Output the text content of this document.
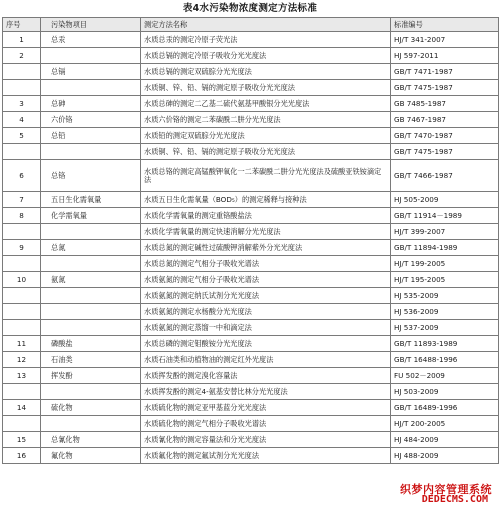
表4水污染物浓度测定方法标准
序号	污染物项目	测定方法名称	标准编号
1	总汞	水质总汞的测定冷原子荧光法	HJ/T 341-2007
2		水质总镉的测定冷原子吸收分光光度法	HJ 597-2011
	总镉	水质总镉的测定双硫腙分光光度法	GB/T 7471-1987
		水质铜、锌、铅、镉的测定原子吸收分光光度法	GB/T 7475-1987
3	总砷	水质总砷的测定二乙基二硫代氨基甲酸银分光光度法	GB 7485-1987
4	六价铬	水质六价铬的测定二苯碳酰二肼分光光度法	GB 7467-1987
5	总铅	水质铅的测定双硫腙分光光度法	GB/T 7470-1987
		水质铜、锌、铅、镉的测定原子吸收分光光度法	GB/T 7475-1987
6	总铬	水质总铬的测定高锰酸钾氧化一二苯碳酰二肼分光光度法及硫酸亚铁铵滴定法	GB/T 7466-1987
7	五日生化需氧量	水质五日生化需氧量（BOD₅）的测定稀释与接种法	HJ 505-2009
8	化学需氧量	水质化学需氧量的测定重铬酸盐法	GB/T 11914－1989
		水质化学需氧量的测定快速消解分光光度法	HJ/T 399-2007
9	总氮	水质总氮的测定碱性过硫酸钾消解紫外分光光度法	GB/T 11894-1989
		水质总氮的测定气相分子吸收光谱法	HJ/T 199-2005
10	氨氮	水质氨氮的测定气相分子吸收光谱法	HJ/T 195-2005
		水质氨氮的测定纳氏试剂分光光度法	HJ 535-2009
		水质氨氮的测定水杨酸分光光度法	HJ 536-2009
		水质氨氮的测定蒸馏一中和滴定法	HJ 537-2009
11	磷酸盐	水质总磷的测定钼酸铵分光光度法	GB/T 11893-1989
12	石油类	水质石油类和动植物油的测定红外光度法	GB/T 16488-1996
13	挥发酚	水质挥发酚的测定溴化容量法	FU 502－2009
		水质挥发酚的测定4-氨基安替比林分光光度法	HJ 503-2009
14	硫化物	水质硫化物的测定亚甲基蓝分光光度法	GB/T 16489-1996
		水质硫化物的测定气相分子吸收光谱法	HJ/T 200-2005
15	总氰化物	水质氰化物的测定容量法和分光光度法	HJ 484-2009
16	氟化物	水质氟化物的测定氟试剂分光光度法	HJ 488-2009
织梦内容管理系统
DEDECMS.COM
